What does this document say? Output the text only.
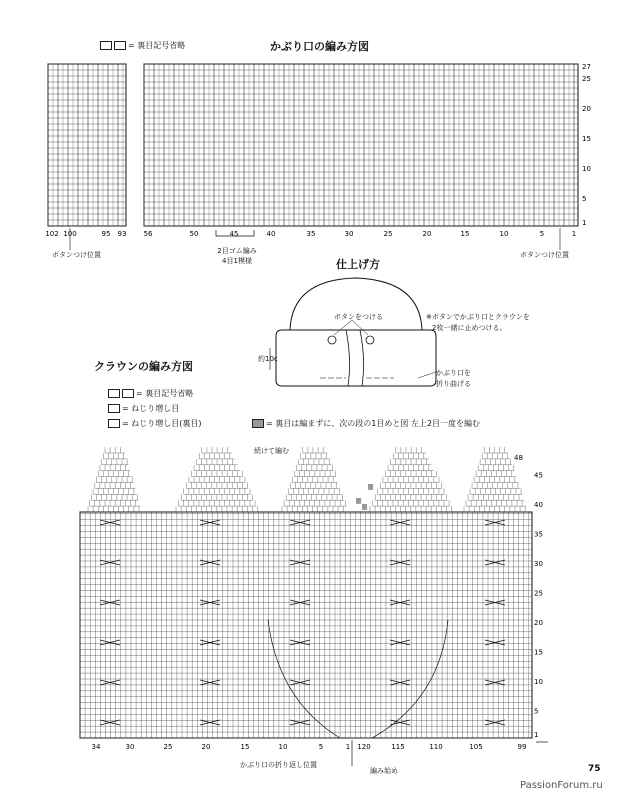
= 裏目記号省略	かぶり口の編み方図
27
25
20
15
10
5
1
102 100	95 93 56	50	45	40	35	30	25	20	15	10	5	1
48
45
40
35
30
25
20
15
10
5
1
34	30	25	20	15	10	5	1 120	115	110	105	99
2目ゴム編み
4目1模様
ボタンつけ位置	ボタンつけ位置
仕上げ方
ボタンをつける	※ボタンでかぶり口とクラウンを
2枚一緒に止めつける。
約10c
かぶり口を
折り曲げる
クラウンの編み方図
= 裏目記号省略
= ねじり増し目
= ねじり増し目(裏目)	= 裏目は編まずに、次の段の1目めと図 左上2目一度を編む
続けて編む
かぶり口の折り返し位置
編み始め	75
PassionForum.ru
